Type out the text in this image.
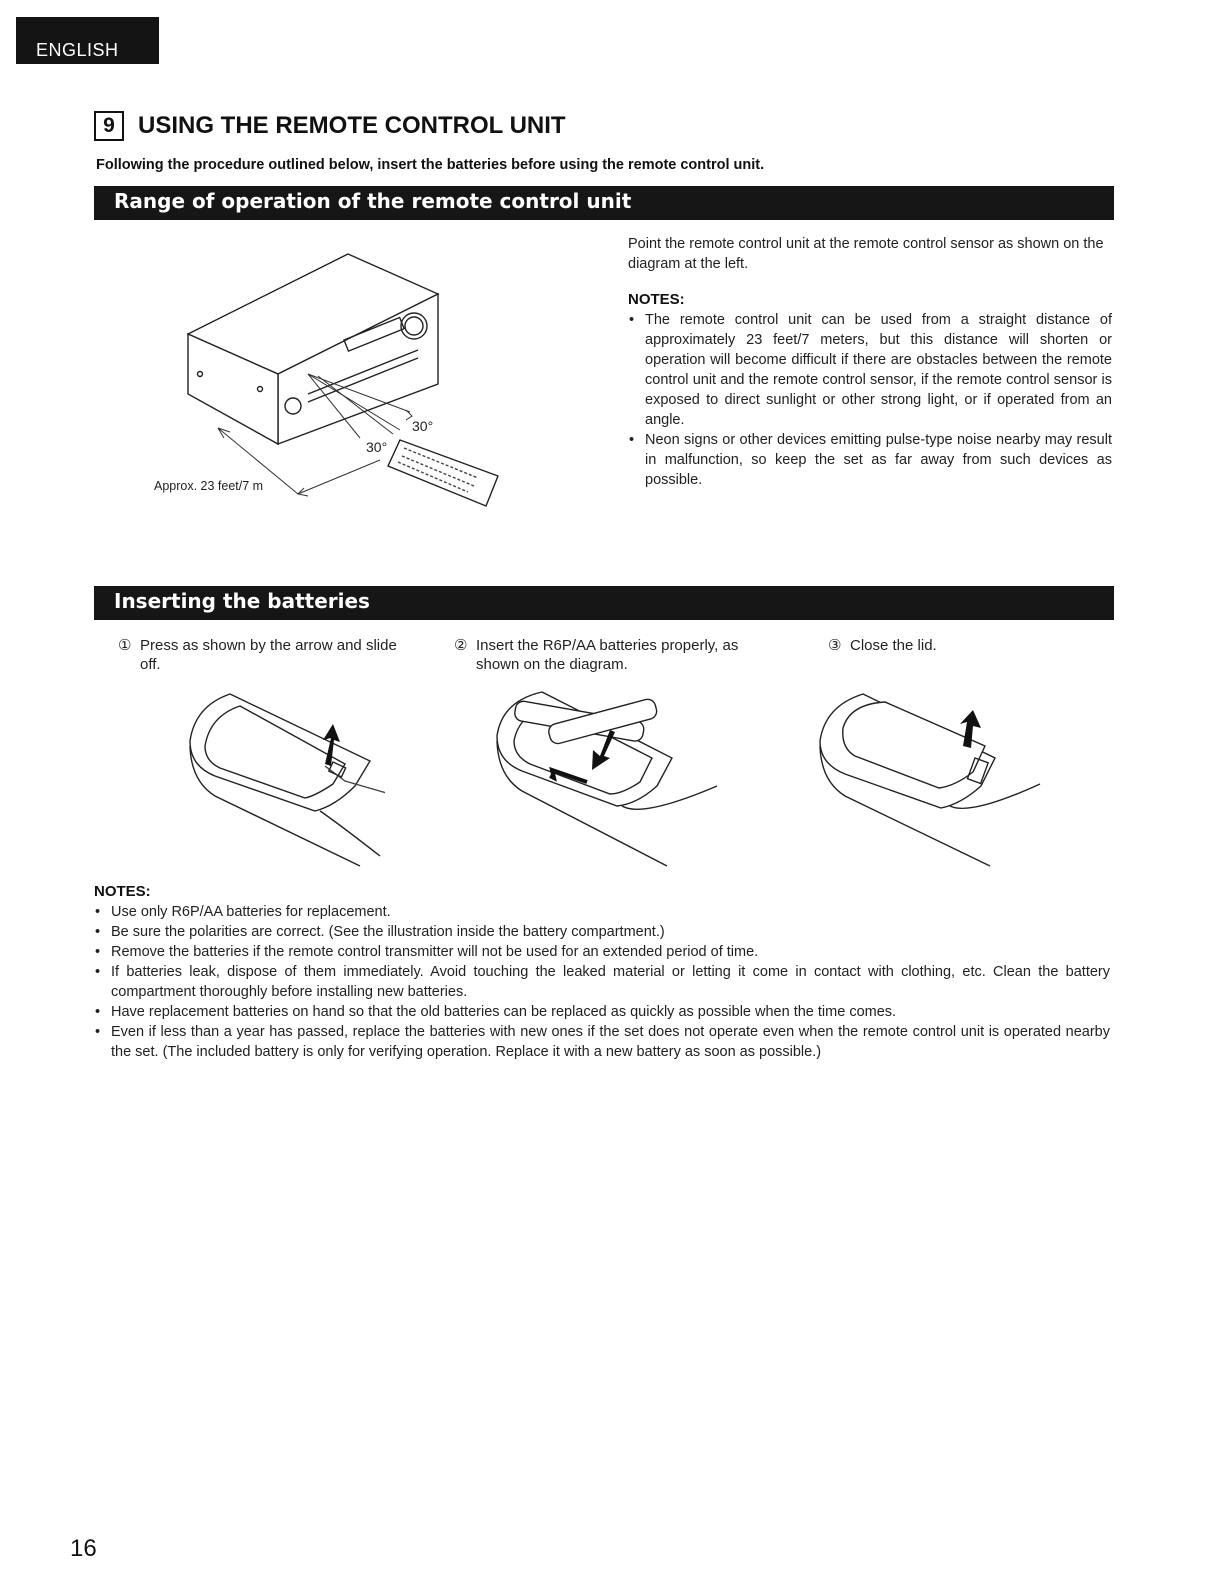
ENGLISH
9 USING THE REMOTE CONTROL UNIT
Following the procedure outlined below, insert the batteries before using the remote control unit.
Range of operation of the remote control unit
30°
30°
Approx. 23 feet/7 m

Point the remote control unit at the remote control sensor as shown on the diagram at the left.

NOTES:
• The remote control unit can be used from a straight distance of approximately 23 feet/7 meters, but this distance will shorten or operation will become difficult if there are obstacles between the remote control unit and the remote control sensor, if the remote control sensor is exposed to direct sunlight or other strong light, or if operated from an angle.
• Neon signs or other devices emitting pulse-type noise nearby may result in malfunction, so keep the set as far away from such devices as possible.
Inserting the batteries
① Press as shown by the arrow and slide off.
② Insert the R6P/AA batteries properly, as shown on the diagram.
③ Close the lid.
NOTES:
• Use only R6P/AA batteries for replacement.
• Be sure the polarities are correct. (See the illustration inside the battery compartment.)
• Remove the batteries if the remote control transmitter will not be used for an extended period of time.
• If batteries leak, dispose of them immediately. Avoid touching the leaked material or letting it come in contact with clothing, etc. Clean the battery compartment thoroughly before installing new batteries.
• Have replacement batteries on hand so that the old batteries can be replaced as quickly as possible when the time comes.
• Even if less than a year has passed, replace the batteries with new ones if the set does not operate even when the remote control unit is operated nearby the set. (The included battery is only for verifying operation. Replace it with a new battery as soon as possible.)
16
